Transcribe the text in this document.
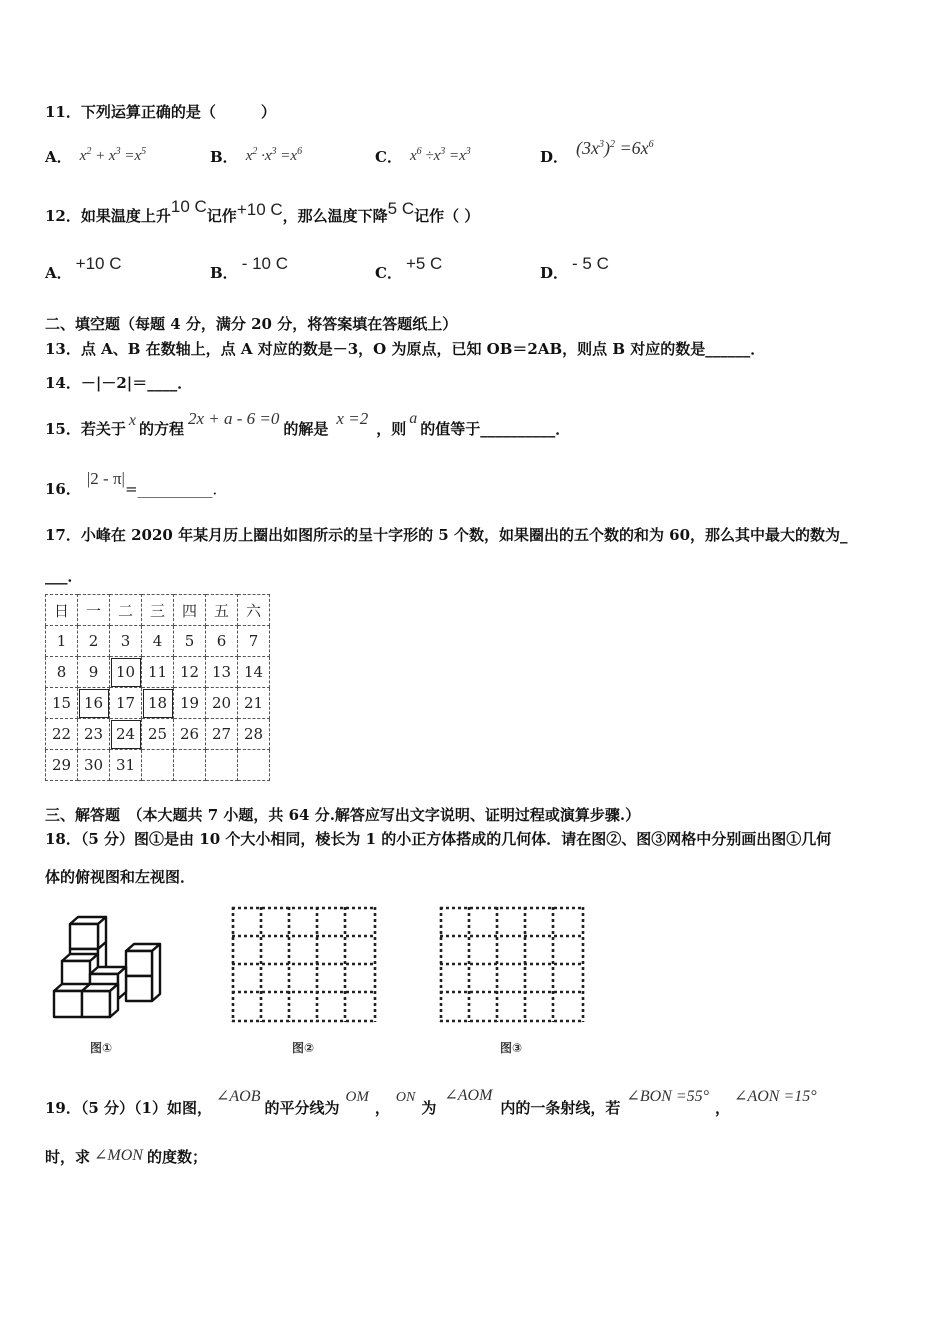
11．下列运算正确的是（　　　）
A． $x^2 + x^3 =x^5$	B． $x^2 \cdot x^3 =x^6$	C． $x^6 \div x^3 =x^3$	D． $(3x^3)^2 =6x^6$
12．如果温度上升10 C记作+10 C，那么温度下降5 C记作（ ）
A． +10 C	B． - 10 C	C． +5 C	D． - 5 C
二、填空题（每题 4 分，满分 20 分，将答案填在答题纸上）
13．点 A、B 在数轴上，点 A 对应的数是－3，O 为原点，已知 OB＝2AB，则点 B 对应的数是______．
14．－|－2|＝____．
15．若关于 x 的方程2x + a - 6 =0的解是x =2，则a的值等于__________．
16．|2 - π|=__________．
17．小峰在 2020 年某月历上圈出如图所示的呈十字形的 5 个数，如果圈出的五个数的和为 60，那么其中最大的数为_
___．
日	一	二	三	四	五	六
1	2	3	4	5	6	7
8	9	10	11	12	13	14
15	16	17	18	19	20	21
22	23	24	25	26	27	28
29	30	31				
三、解答题　（本大题共 7 小题，共 64 分.解答应写出文字说明、证明过程或演算步骤.）
18．（5 分）图①是由 10 个大小相同，棱长为 1 的小正方体搭成的几何体．请在图②、图③网格中分别画出图①几何
体的俯视图和左视图．
图①	图②	图③
19．（5 分）（1）如图，∠AOB的平分线为OM，ON为∠AOM内的一条射线，若∠BON =55°，∠AON =15°
时，求 ∠MON 的度数；
